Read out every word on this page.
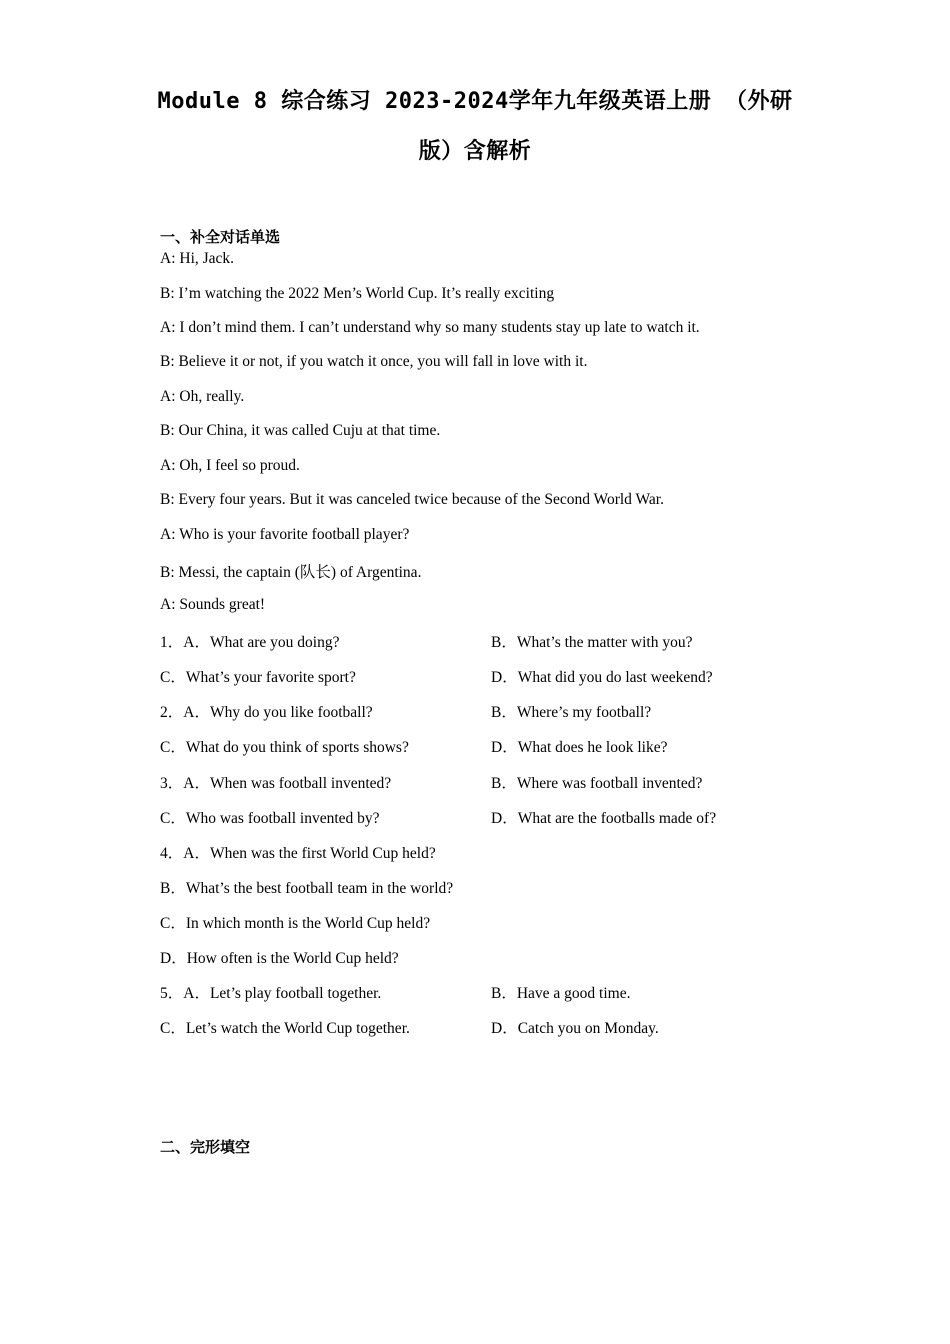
Module 8 综合练习 2023-2024学年九年级英语上册 （外研
版）含解析
一、补全对话单选
A: Hi, Jack.
B: I’m watching the 2022 Men’s World Cup. It’s really exciting
A: I don’t mind them. I can’t understand why so many students stay up late to watch it.
B: Believe it or not, if you watch it once, you will fall in love with it.
A: Oh, really.
B: Our China, it was called Cuju at that time.
A: Oh, I feel so proud.
B: Every four years. But it was canceled twice because of the Second World War.
A: Who is your favorite football player?
B: Messi, the captain (队长) of Argentina.
A: Sounds great!
1．A．What are you doing?	B．What’s the matter with you?
C．What’s your favorite sport?	D．What did you do last weekend?
2．A．Why do you like football?	B．Where’s my football?
C．What do you think of sports shows?	D．What does he look like?
3．A．When was football invented?	B．Where was football invented?
C．Who was football invented by?	D．What are the footballs made of?
4．A．When was the first World Cup held?
B．What’s the best football team in the world?
C．In which month is the World Cup held?
D．How often is the World Cup held?
5．A．Let’s play football together.	B．Have a good time.
C．Let’s watch the World Cup together.	D．Catch you on Monday.
二、完形填空
